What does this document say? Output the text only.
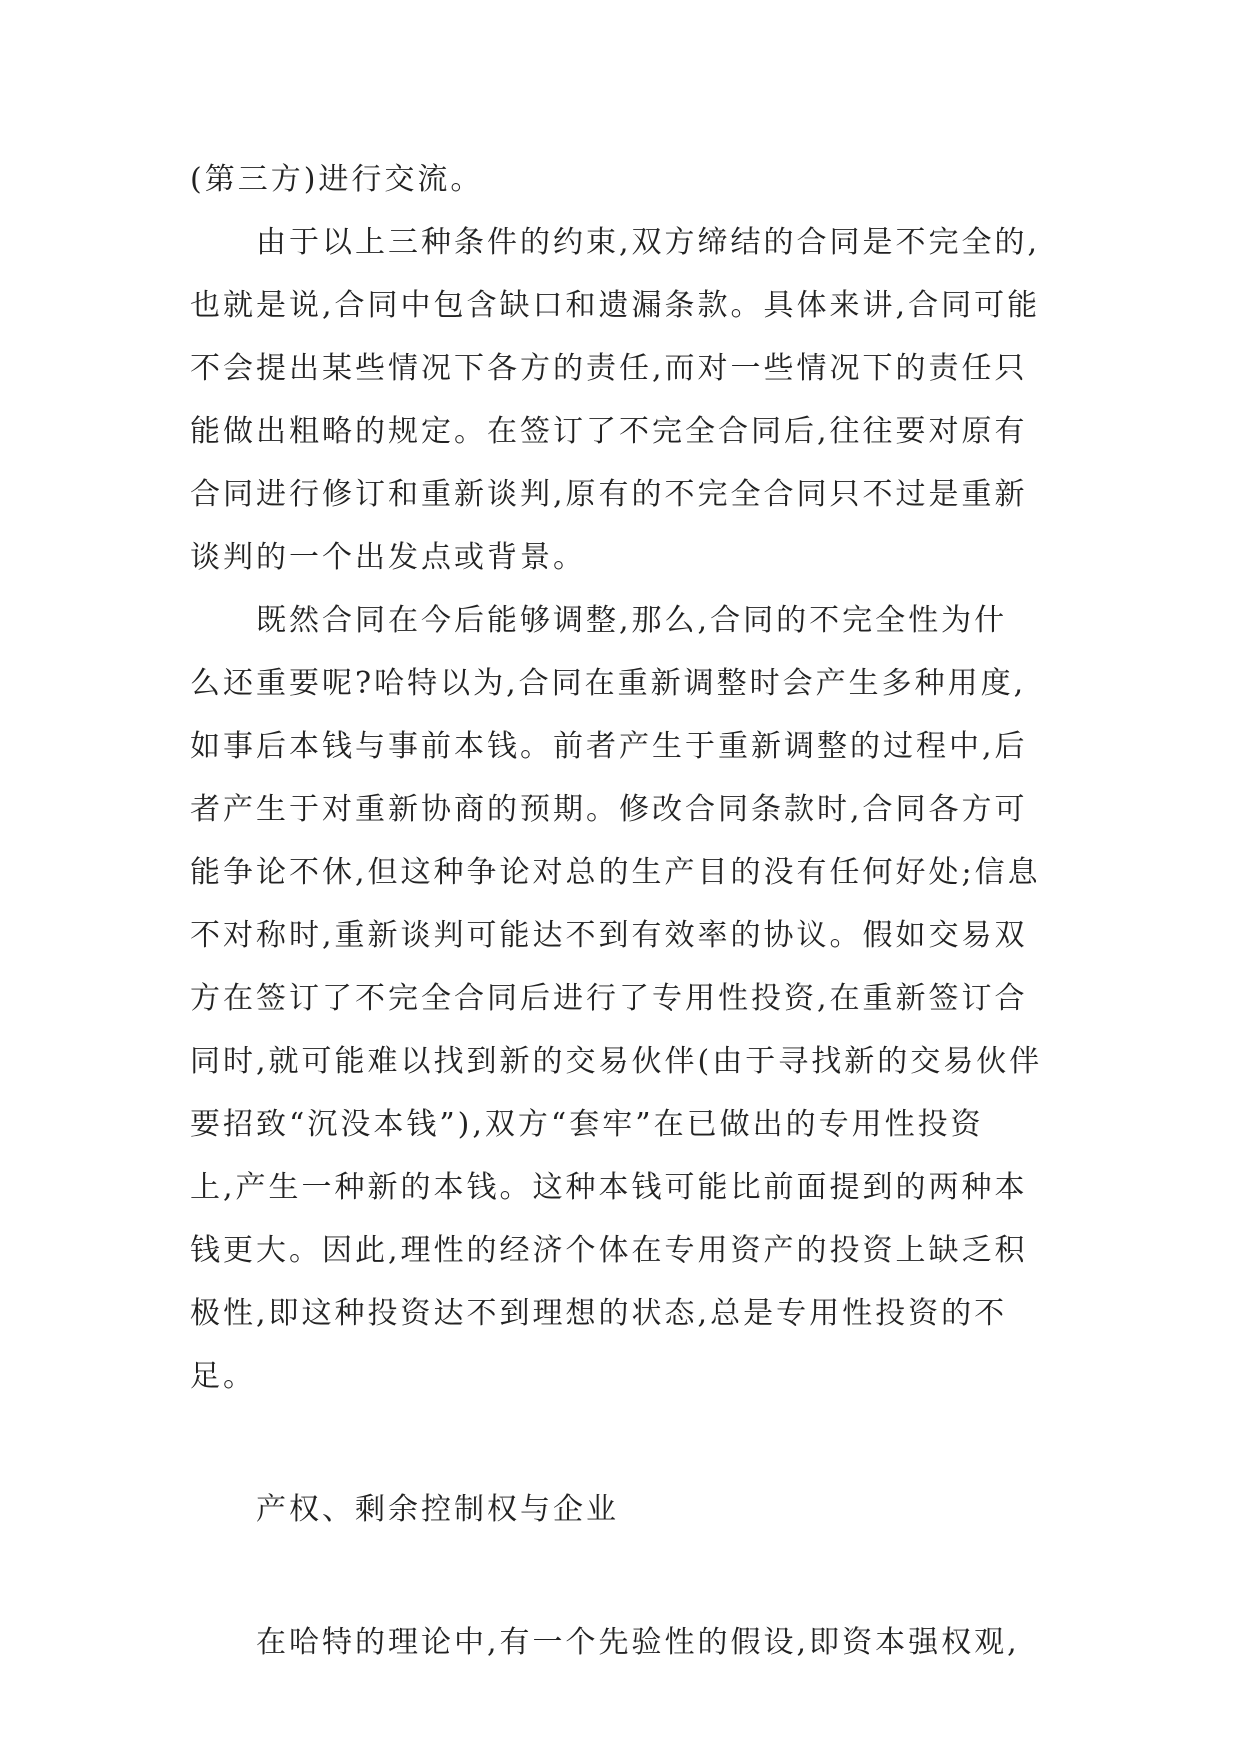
(第三方)进行交流。
由于以上三种条件的约束,双方缔结的合同是不完全的,
也就是说,合同中包含缺口和遗漏条款。具体来讲,合同可能
不会提出某些情况下各方的责任,而对一些情况下的责任只
能做出粗略的规定。在签订了不完全合同后,往往要对原有
合同进行修订和重新谈判,原有的不完全合同只不过是重新
谈判的一个出发点或背景。
既然合同在今后能够调整,那么,合同的不完全性为什
么还重要呢?哈特以为,合同在重新调整时会产生多种用度,
如事后本钱与事前本钱。前者产生于重新调整的过程中,后
者产生于对重新协商的预期。修改合同条款时,合同各方可
能争论不休,但这种争论对总的生产目的没有任何好处;信息
不对称时,重新谈判可能达不到有效率的协议。假如交易双
方在签订了不完全合同后进行了专用性投资,在重新签订合
同时,就可能难以找到新的交易伙伴(由于寻找新的交易伙伴
要招致“沉没本钱”),双方“套牢”在已做出的专用性投资
上,产生一种新的本钱。这种本钱可能比前面提到的两种本
钱更大。因此,理性的经济个体在专用资产的投资上缺乏积
极性,即这种投资达不到理想的状态,总是专用性投资的不
足。
产权、剩余控制权与企业
在哈特的理论中,有一个先验性的假设,即资本强权观,
